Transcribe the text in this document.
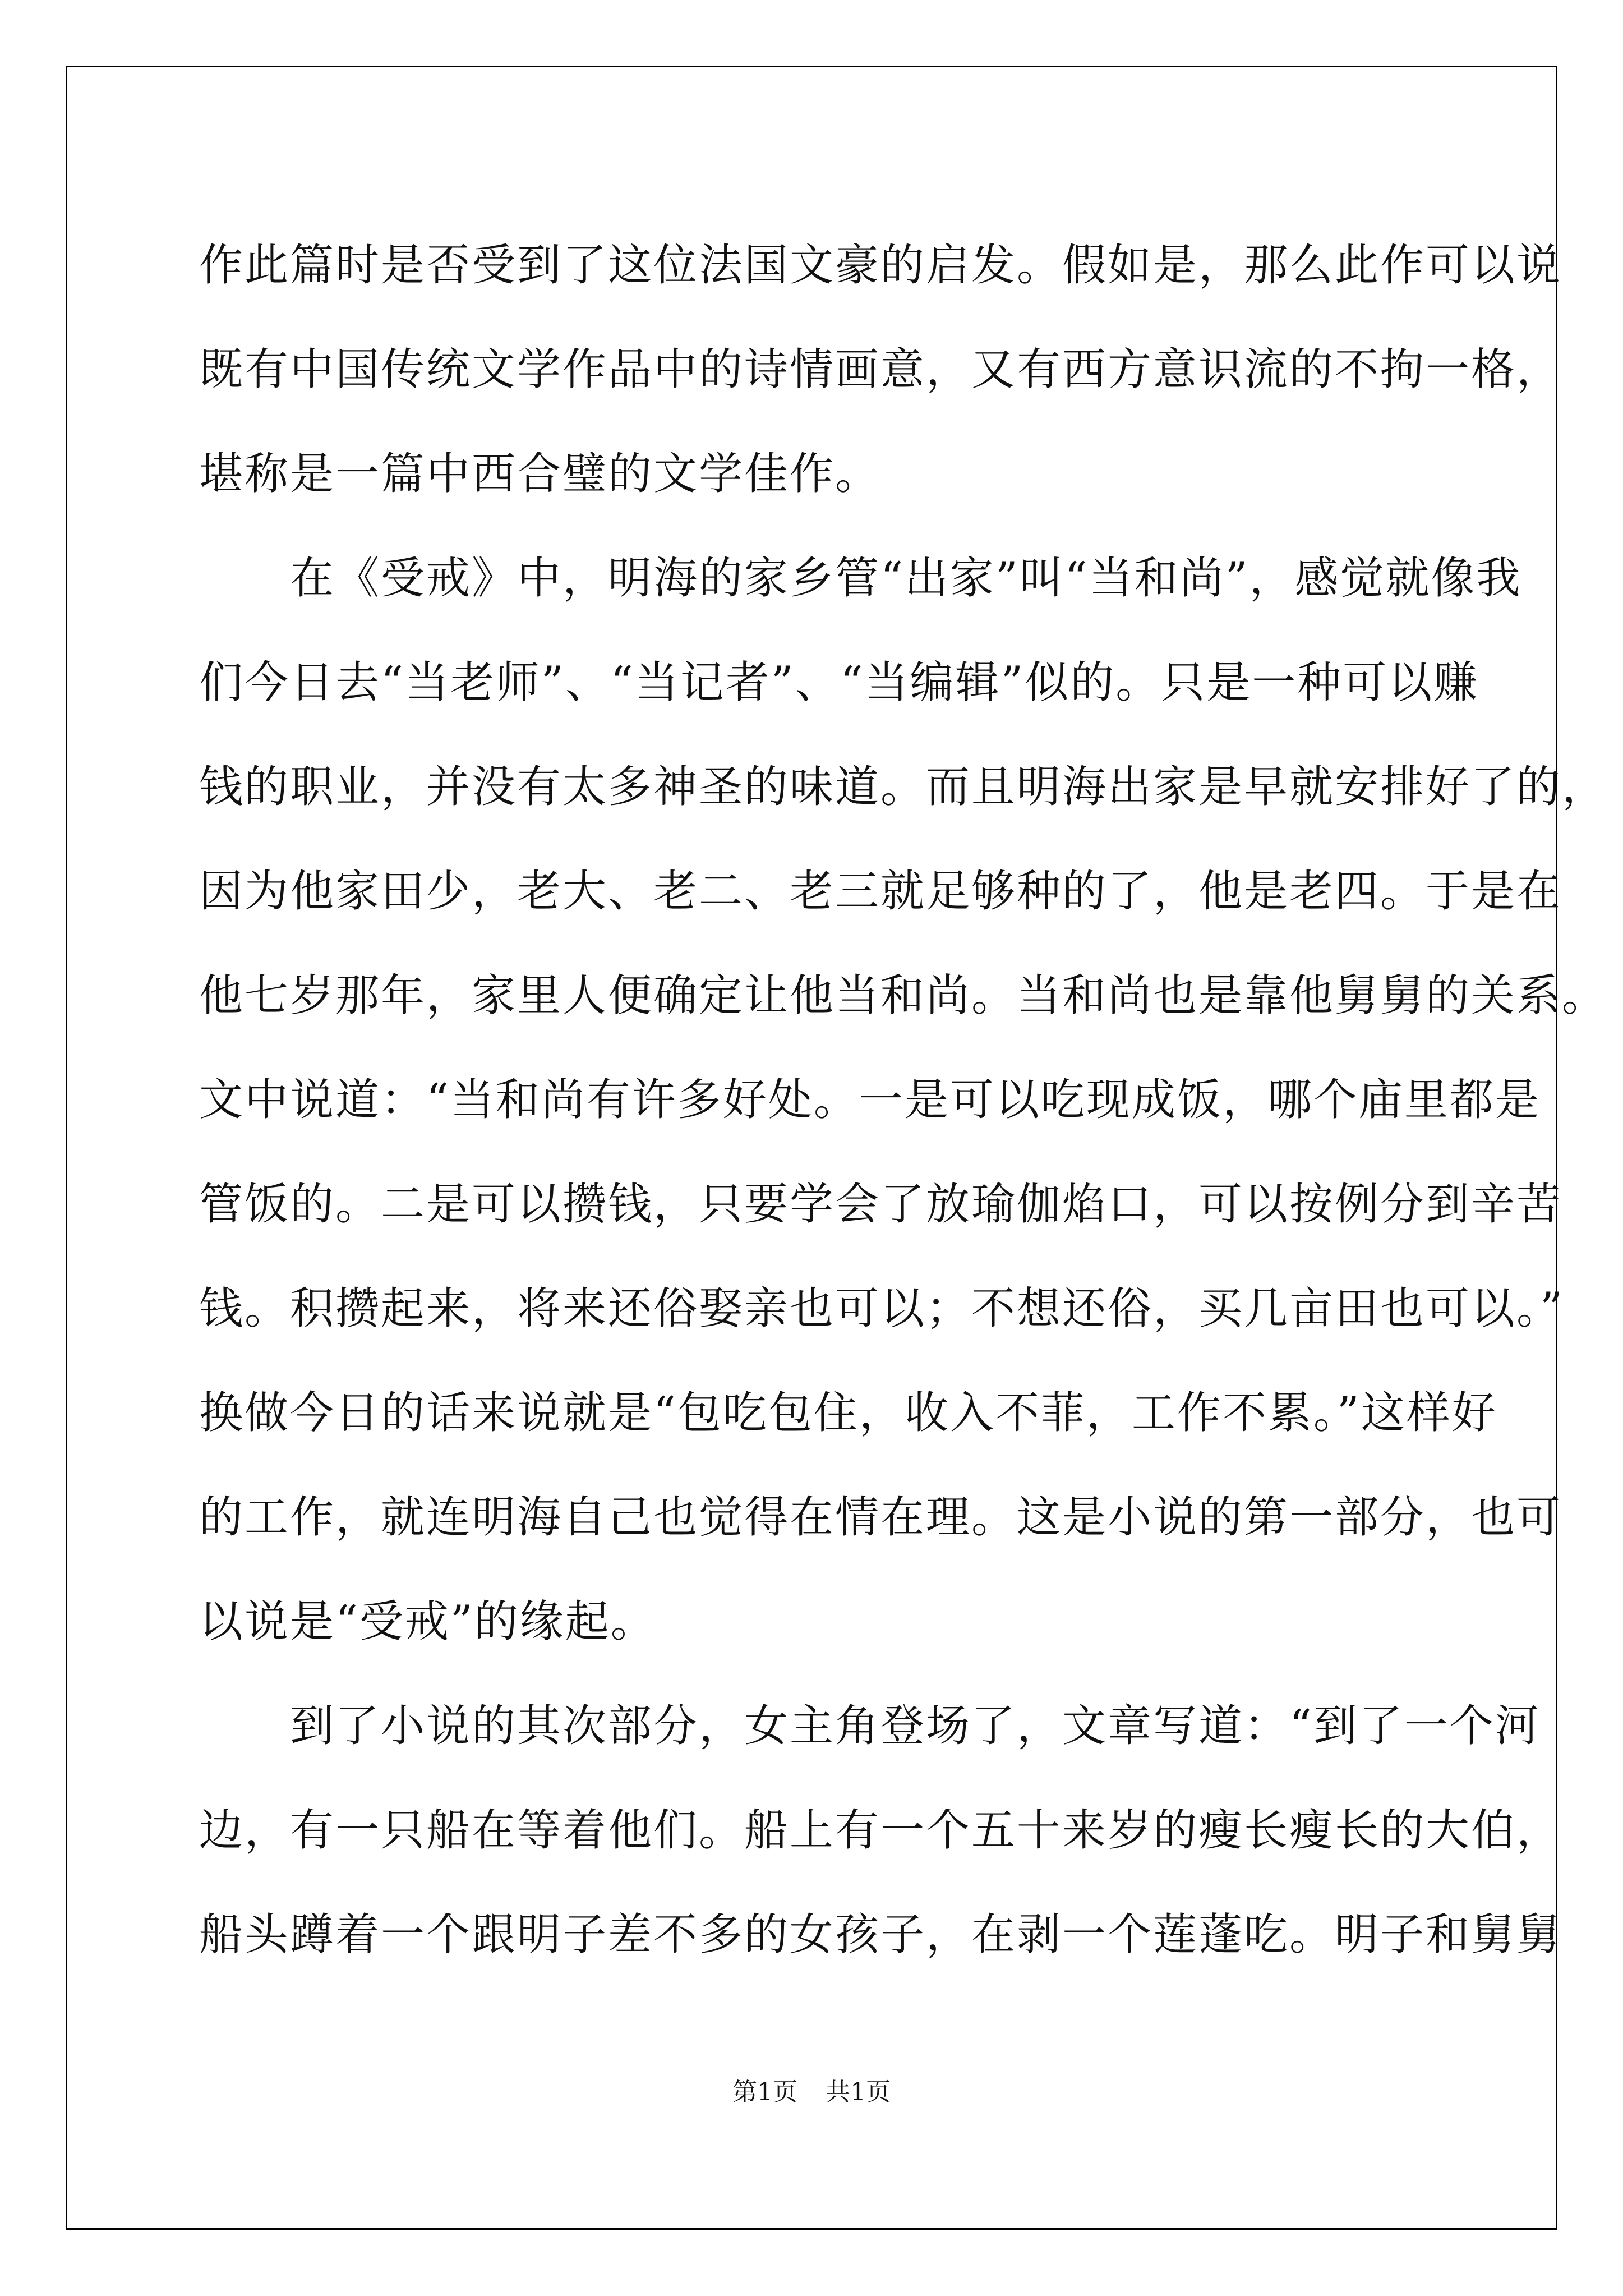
作此篇时是否受到了这位法国文豪的启发。假如是，那么此作可以说
既有中国传统文学作品中的诗情画意，又有西方意识流的不拘一格，
堪称是一篇中西合璧的文学佳作。
　　在《受戒》中，明海的家乡管“出家”叫“当和尚”，感觉就像我
们今日去“当老师”、“当记者”、“当编辑”似的。只是一种可以赚
钱的职业，并没有太多神圣的味道。而且明海出家是早就安排好了的，
因为他家田少，老大、老二、老三就足够种的了，他是老四。于是在
他七岁那年，家里人便确定让他当和尚。当和尚也是靠他舅舅的关系。
文中说道：“当和尚有许多好处。一是可以吃现成饭，哪个庙里都是
管饭的。二是可以攒钱，只要学会了放瑜伽焰口，可以按例分到辛苦
钱。积攒起来，将来还俗娶亲也可以；不想还俗，买几亩田也可以。”
换做今日的话来说就是“包吃包住，收入不菲，工作不累。”这样好
的工作，就连明海自己也觉得在情在理。这是小说的第一部分，也可
以说是“受戒”的缘起。
　　到了小说的其次部分，女主角登场了，文章写道：“到了一个河
边，有一只船在等着他们。船上有一个五十来岁的瘦长瘦长的大伯，
船头蹲着一个跟明子差不多的女孩子，在剥一个莲蓬吃。明子和舅舅
第1页 共1页
